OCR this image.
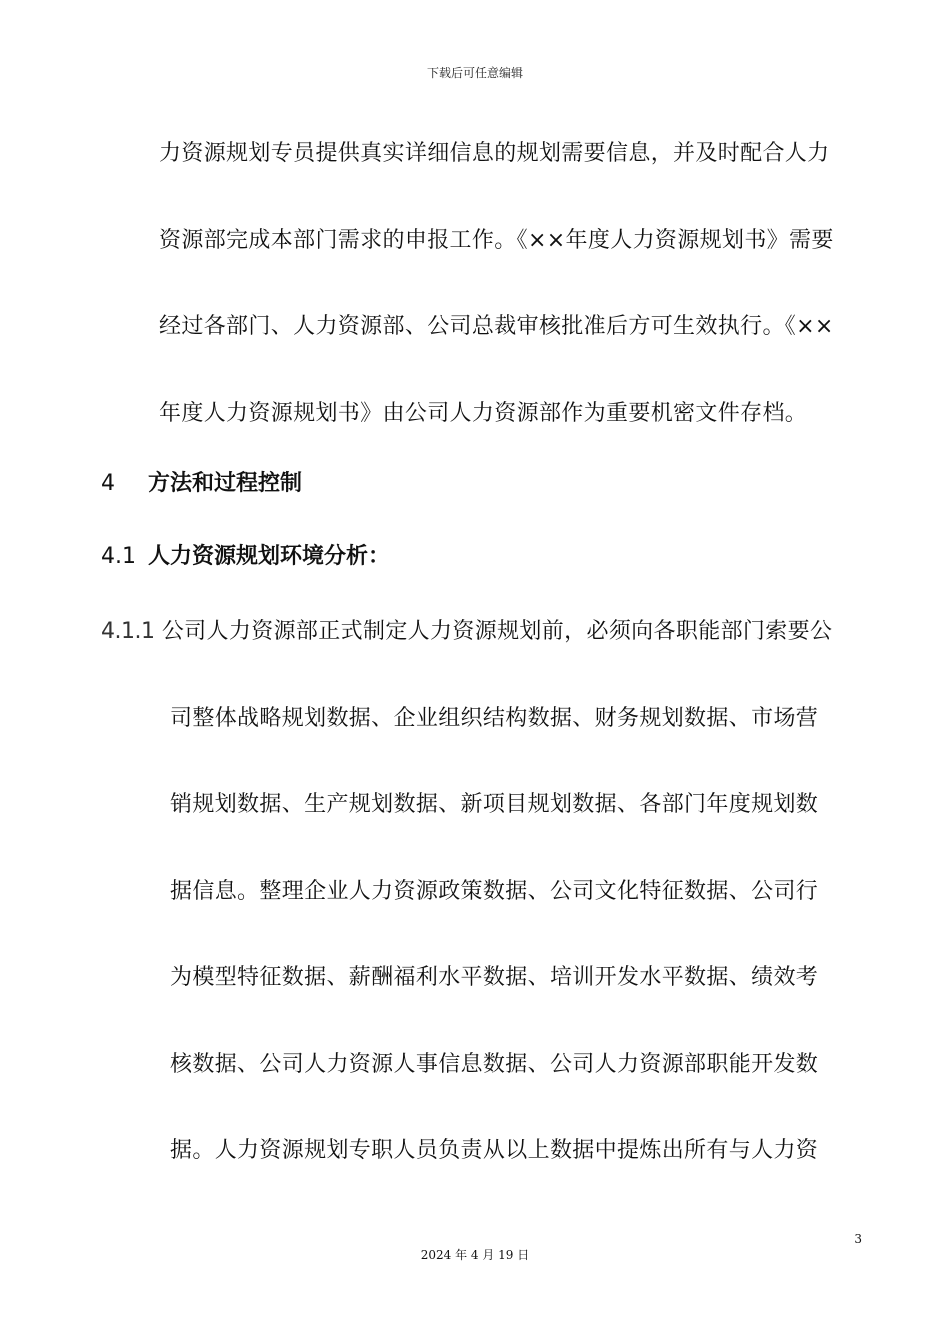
下载后可任意编辑
力资源规划专员提供真实详细信息的规划需要信息，并及时配合人力
资源部完成本部门需求的申报工作。《××年度人力资源规划书》需要
经过各部门、人力资源部、公司总裁审核批准后方可生效执行。《××
年度人力资源规划书》由公司人力资源部作为重要机密文件存档。
4 方法和过程控制
4.1 人力资源规划环境分析：
4.1.1 公司人力资源部正式制定人力资源规划前，必须向各职能部门索要公
司整体战略规划数据、企业组织结构数据、财务规划数据、市场营
销规划数据、生产规划数据、新项目规划数据、各部门年度规划数
据信息。整理企业人力资源政策数据、公司文化特征数据、公司行
为模型特征数据、薪酬福利水平数据、培训开发水平数据、绩效考
核数据、公司人力资源人事信息数据、公司人力资源部职能开发数
据。人力资源规划专职人员负责从以上数据中提炼出所有与人力资
3
2024 年 4 月 19 日
